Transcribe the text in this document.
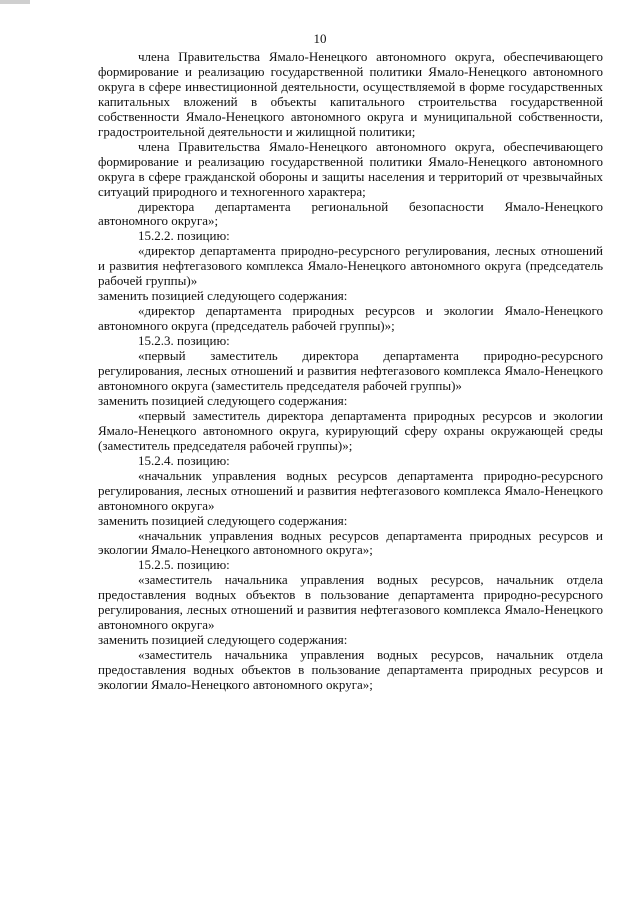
10

члена Правительства Ямало-Ненецкого автономного округа, обеспечивающего формирование и реализацию государственной политики Ямало-Ненецкого автономного округа в сфере инвестиционной деятельности, осуществляемой в форме государственных капитальных вложений в объекты капитального строительства государственной собственности Ямало-Ненецкого автономного округа и муниципальной собственности, градостроительной деятельности и жилищной политики;

члена Правительства Ямало-Ненецкого автономного округа, обеспечивающего формирование и реализацию государственной политики Ямало-Ненецкого автономного округа в сфере гражданской обороны и защиты населения и территорий от чрезвычайных ситуаций природного и техногенного характера;

директора департамента региональной безопасности Ямало-Ненецкого автономного округа»;

15.2.2. позицию:

«директор департамента природно-ресурсного регулирования, лесных отношений и развития нефтегазового комплекса Ямало-Ненецкого автономного округа (председатель рабочей группы)»

заменить позицией следующего содержания:

«директор департамента природных ресурсов и экологии Ямало-Ненецкого автономного округа (председатель рабочей группы)»;

15.2.3. позицию:

«первый заместитель директора департамента природно-ресурсного регулирования, лесных отношений и развития нефтегазового комплекса Ямало-Ненецкого автономного округа (заместитель председателя рабочей группы)»

заменить позицией следующего содержания:

«первый заместитель директора департамента природных ресурсов и экологии Ямало-Ненецкого автономного округа, курирующий сферу охраны окружающей среды (заместитель председателя рабочей группы)»;

15.2.4. позицию:

«начальник управления водных ресурсов департамента природно-ресурсного регулирования, лесных отношений и развития нефтегазового комплекса Ямало-Ненецкого автономного округа»

заменить позицией следующего содержания:

«начальник управления водных ресурсов департамента природных ресурсов и экологии Ямало-Ненецкого автономного округа»;

15.2.5. позицию:

«заместитель начальника управления водных ресурсов, начальник отдела предоставления водных объектов в пользование департамента природно-ресурсного регулирования, лесных отношений и развития нефтегазового комплекса Ямало-Ненецкого автономного округа»

заменить позицией следующего содержания:

«заместитель начальника управления водных ресурсов, начальник отдела предоставления водных объектов в пользование департамента природных ресурсов и экологии Ямало-Ненецкого автономного округа»;
